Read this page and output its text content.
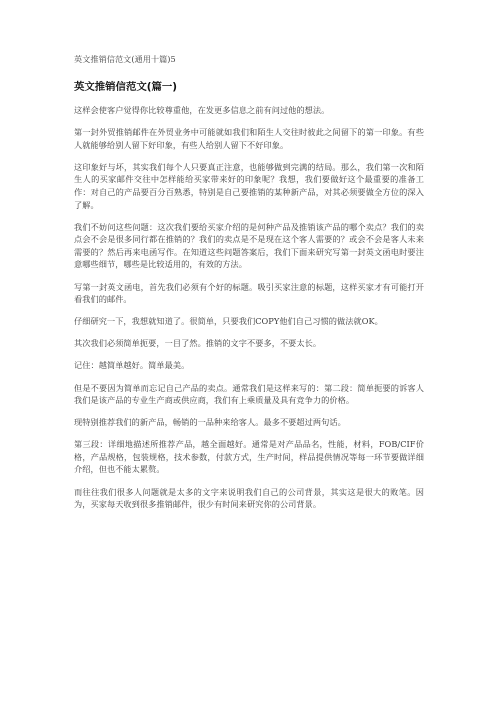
英文推销信范文(通用十篇)5
英文推销信范文(篇一)
这样会使客户觉得你比较尊重他，在发更多信息之前有问过他的想法。
第一封外贸推销邮件在外贸业务中可能就如我们和陌生人交往时彼此之间留下的第一印象。有些人就能够给别人留下好印象，有些人给别人留下不好印象。
这印象好与坏，其实我们每个人只要真正注意，也能够做到完满的结局。那么，我们第一次和陌生人的买家邮件交往中怎样能给买家带来好的印象呢？我想，我们要做好这个最重要的准备工作：对自己的产品要百分百熟悉，特别是自己要推销的某种新产品，对其必须要做全方位的深入了解。
我们不妨问这些问题：这次我们要给买家介绍的是何种产品及推销该产品的哪个卖点？我们的卖点会不会是很多同行都在推销的？我们的卖点是不是现在这个客人需要的？或会不会是客人未来需要的？然后再来电函写作。在知道这些问题答案后，我们下面来研究写第一封英文函电时要注意哪些细节，哪些是比较适用的，有效的方法。
写第一封英文函电，首先我们必须有个好的标题。吸引买家注意的标题，这样买家才有可能打开看我们的邮件。
仔细研究一下，我想就知道了。很简单，只要我们COPY他们自己习惯的做法就OK。
其次我们必须简单扼要，一目了然。推销的文字不要多，不要太长。
记住：越简单越好。简单最美。
但是不要因为简单而忘记自己产品的卖点。通常我们是这样来写的：第二段：简单扼要的诉客人我们是该产品的专业生产商或供应商，我们有上乘质量及具有竞争力的价格。
现特别推荐我们的新产品，畅销的一品种来给客人。最多不要超过两句话。
第三段：详细地描述所推荐产品，越全面越好。通常是对产品品名，性能，材料，FOB/CIF价格，产品规格，包装规格，技术参数，付款方式，生产时间，样品提供情况等每一环节要做详细介绍，但也不能太累赘。
而往往我们很多人问题就是太多的文字来说明我们自己的公司背景，其实这是很大的败笔。因为，买家每天收到很多推销邮件，很少有时间来研究你的公司背景。
